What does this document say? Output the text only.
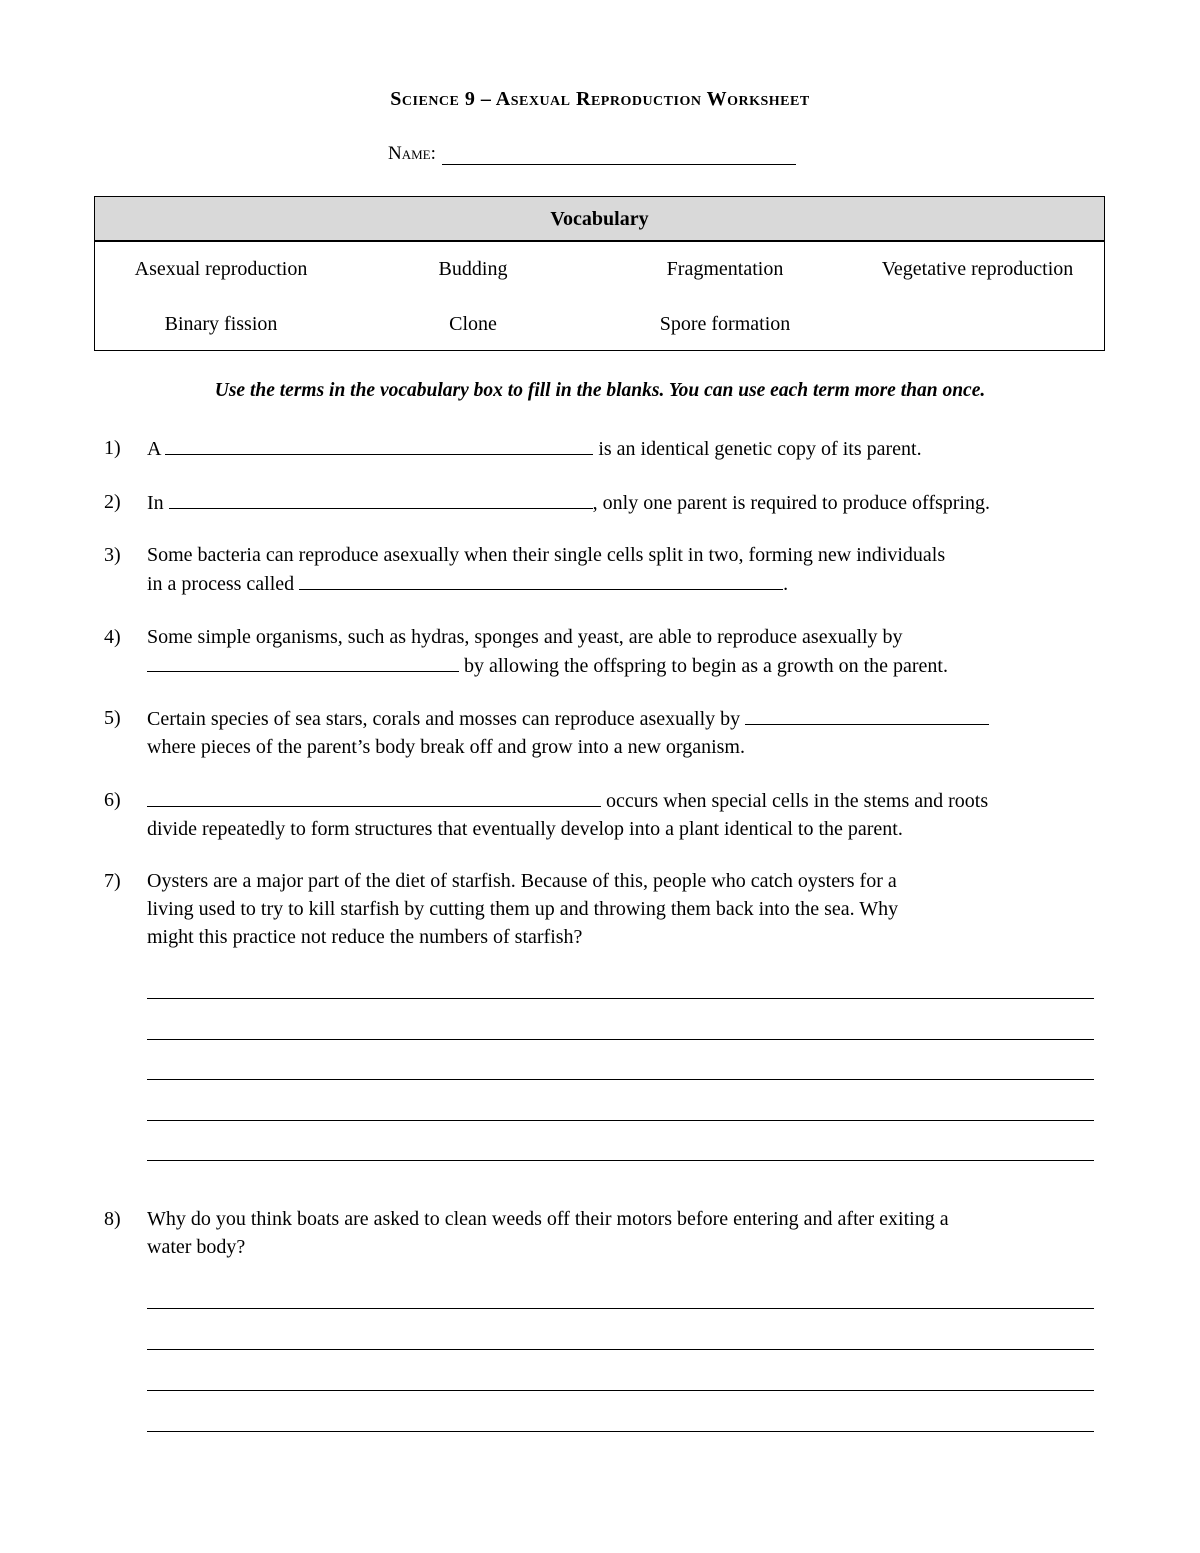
Science 9 – Asexual Reproduction Worksheet
Name:
Vocabulary
Asexual reproduction	Budding	Fragmentation	Vegetative reproduction
Binary fission	Clone	Spore formation
Use the terms in the vocabulary box to fill in the blanks. You can use each term more than once.
1) A	is an identical genetic copy of its parent.
2) In	, only one parent is required to produce offspring.
3) Some bacteria can reproduce asexually when their single cells split in two, forming new individuals
in a process called	.
4) Some simple organisms, such as hydras, sponges and yeast, are able to reproduce asexually by
by allowing the offspring to begin as a growth on the parent.
5) Certain species of sea stars, corals and mosses can reproduce asexually by
where pieces of the parent’s body break off and grow into a new organism.
6)	occurs when special cells in the stems and roots
divide repeatedly to form structures that eventually develop into a plant identical to the parent.
7) Oysters are a major part of the diet of starfish. Because of this, people who catch oysters for a
living used to try to kill starfish by cutting them up and throwing them back into the sea. Why
might this practice not reduce the numbers of starfish?
8) Why do you think boats are asked to clean weeds off their motors before entering and after exiting a
water body?
